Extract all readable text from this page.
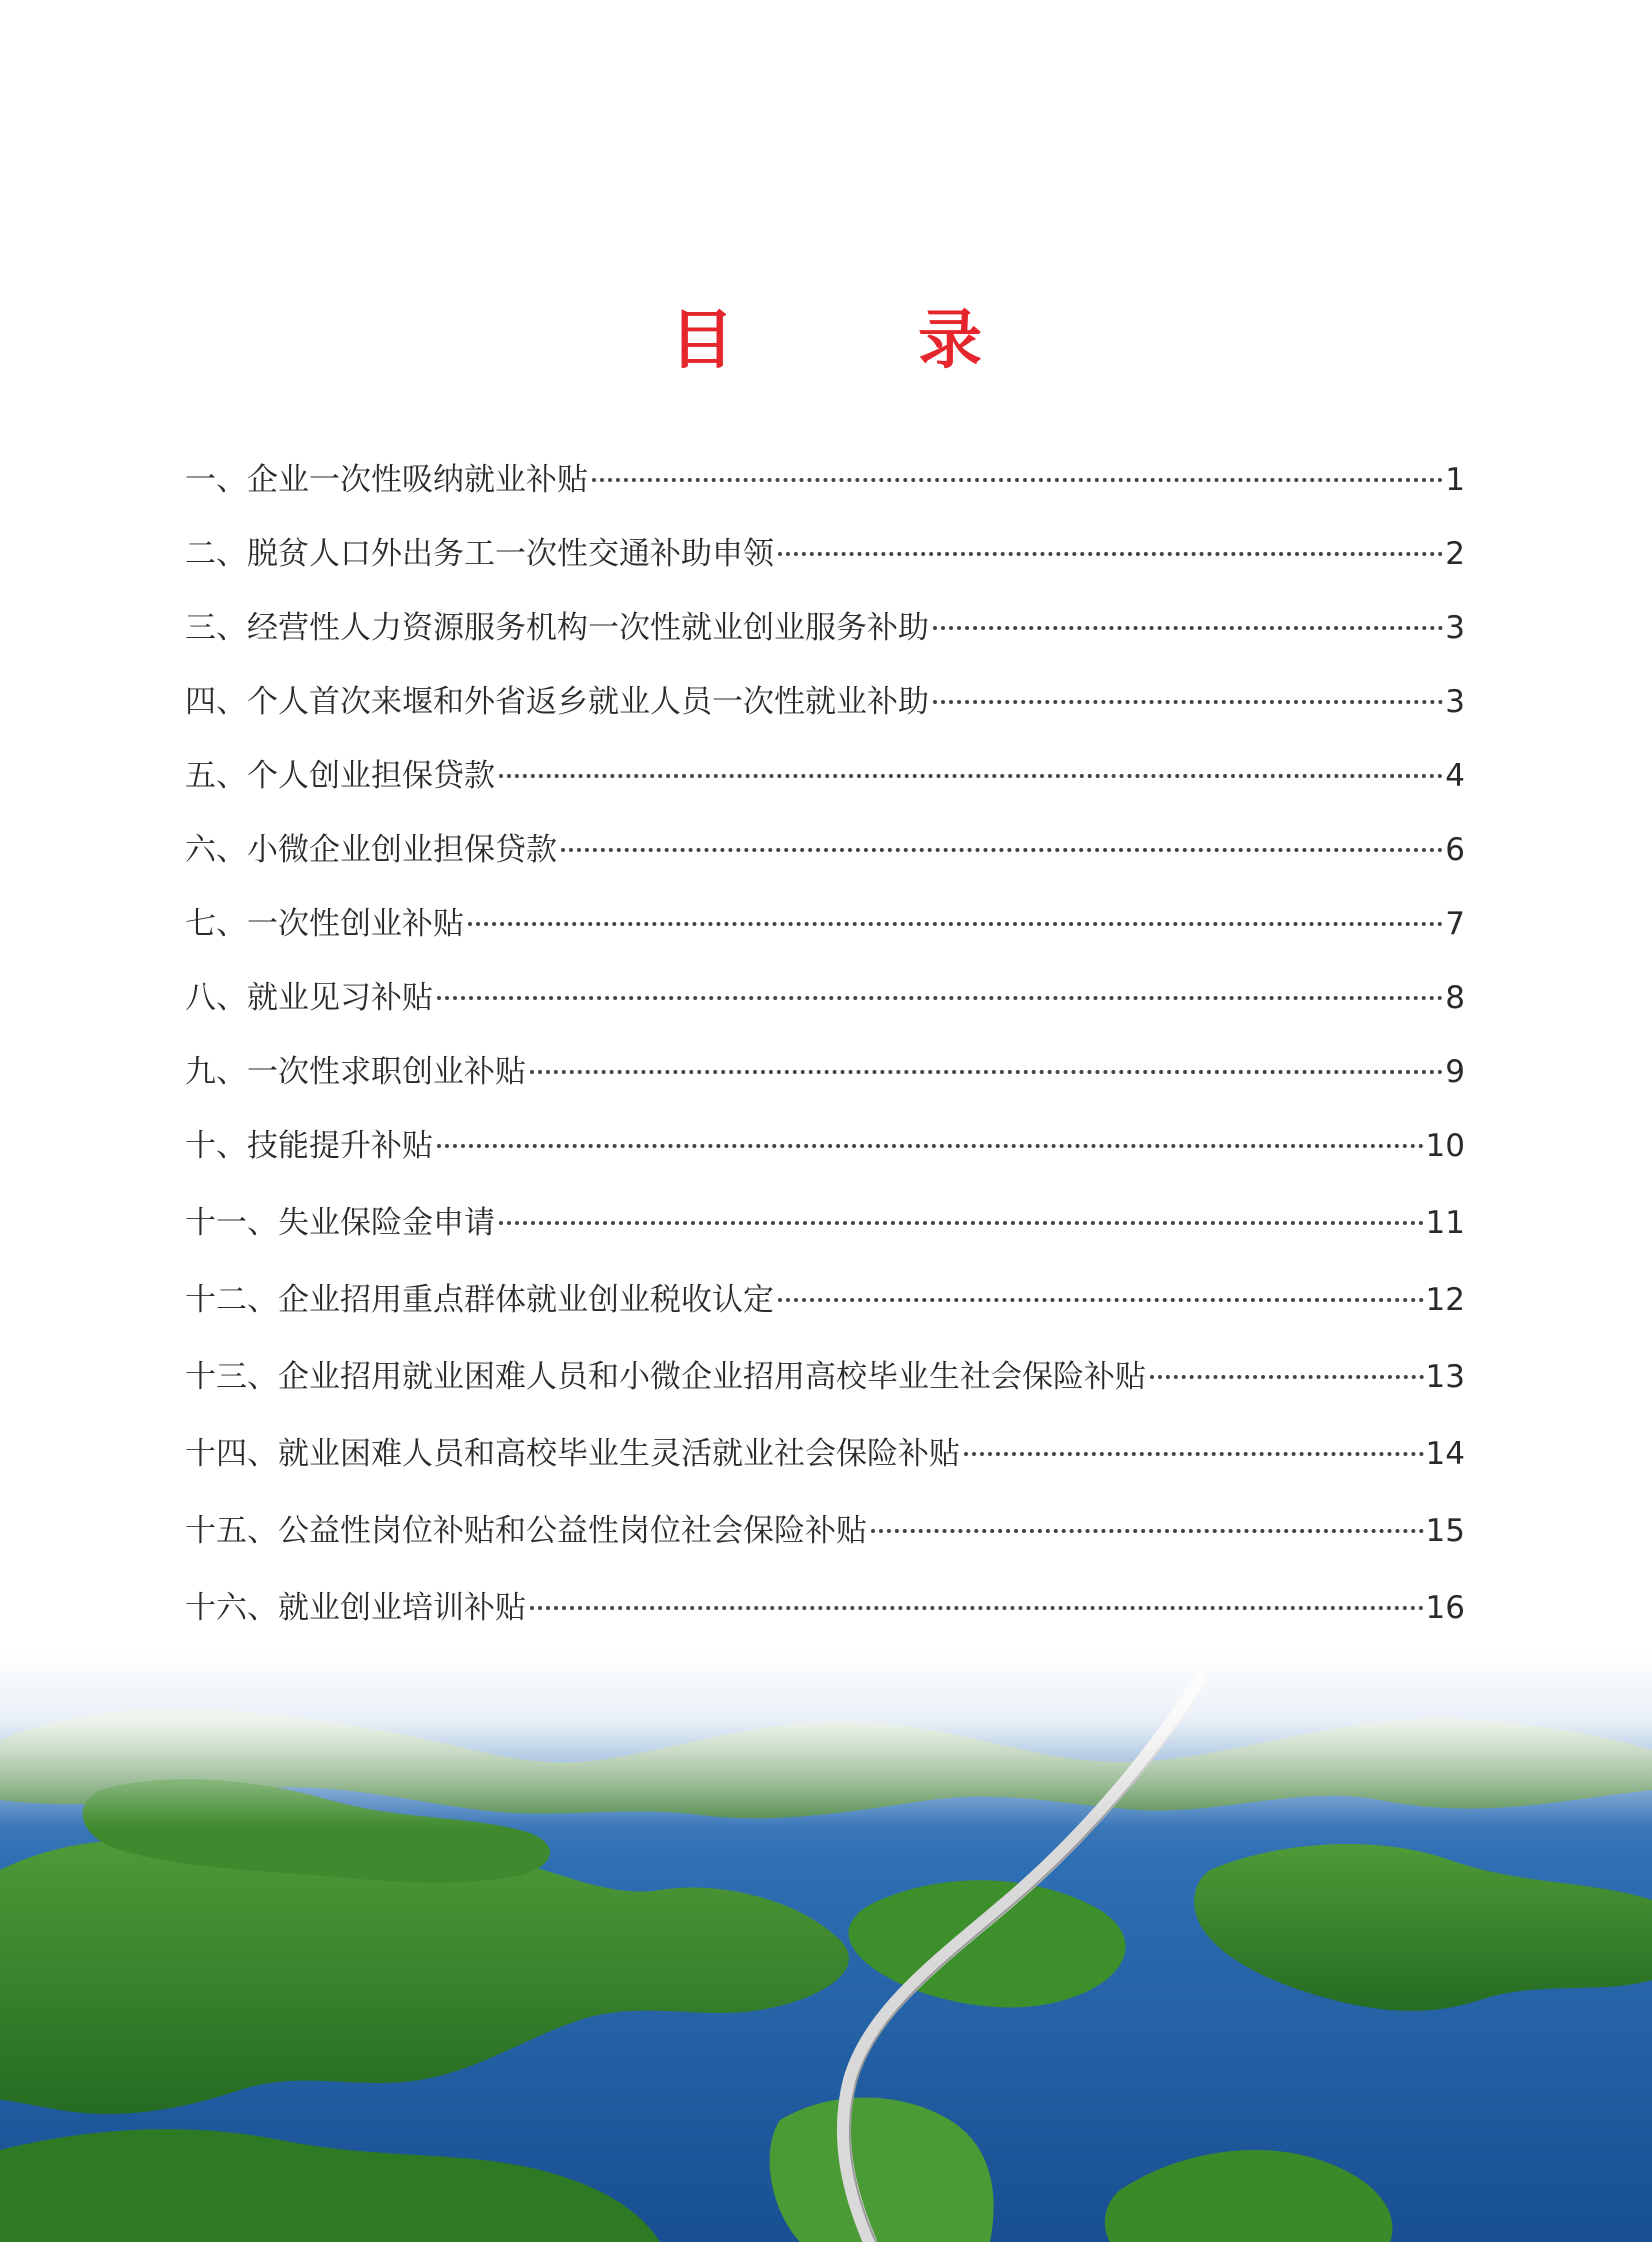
目　录
一、企业一次性吸纳就业补贴	1
二、脱贫人口外出务工一次性交通补助申领	2
三、经营性人力资源服务机构一次性就业创业服务补助	3
四、个人首次来堰和外省返乡就业人员一次性就业补助	3
五、个人创业担保贷款	4
六、小微企业创业担保贷款	6
七、一次性创业补贴	7
八、就业见习补贴	8
九、一次性求职创业补贴	9
十、技能提升补贴	10
十一、失业保险金申请	11
十二、企业招用重点群体就业创业税收认定	12
十三、企业招用就业困难人员和小微企业招用高校毕业生社会保险补贴	13
十四、就业困难人员和高校毕业生灵活就业社会保险补贴	14
十五、公益性岗位补贴和公益性岗位社会保险补贴	15
十六、就业创业培训补贴	16
